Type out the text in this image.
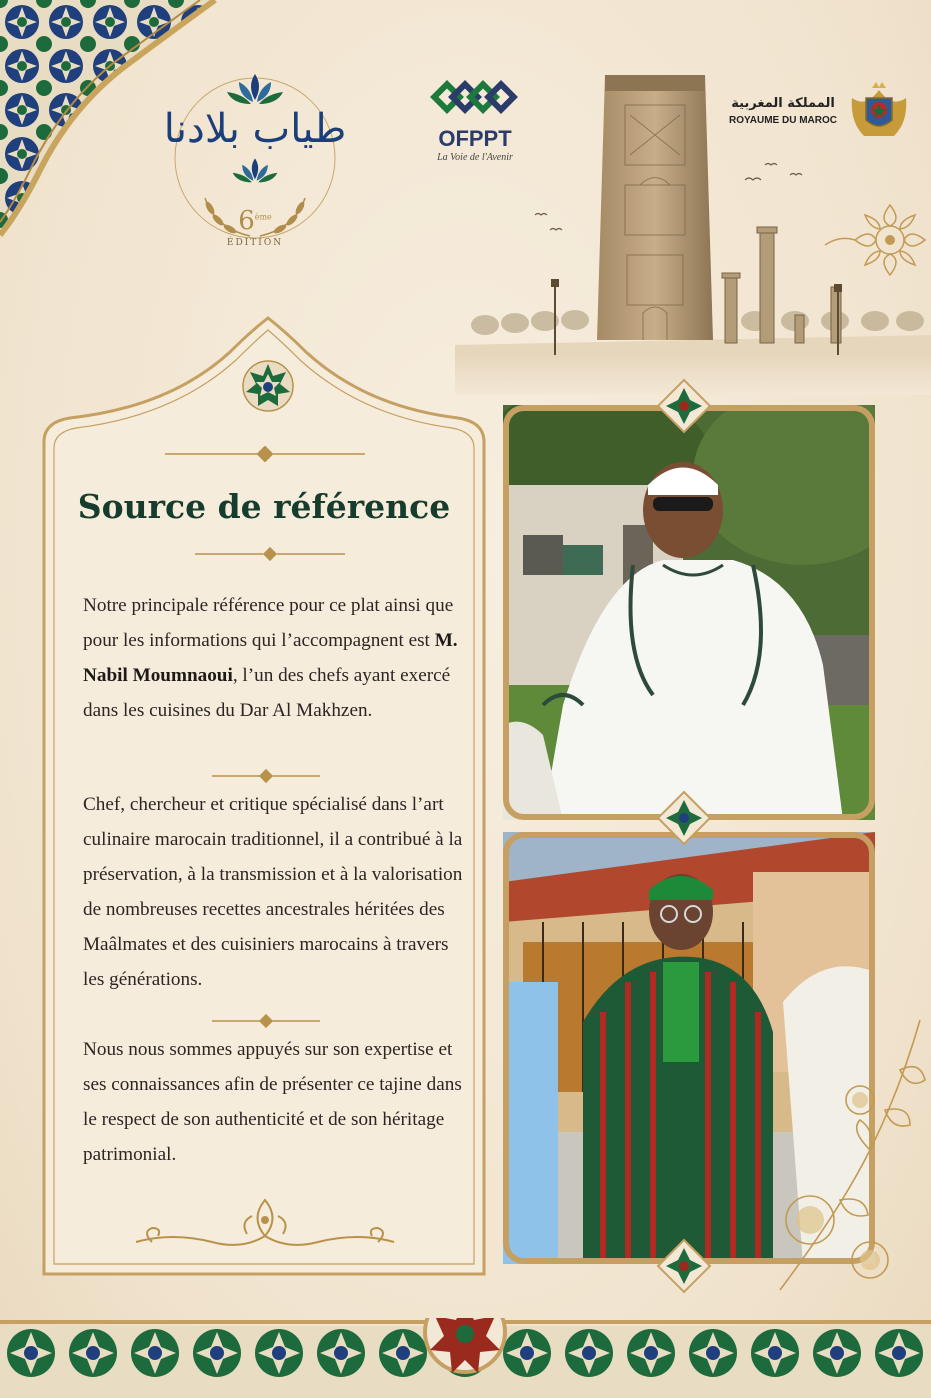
طياب بلادنا
6ème
ÉDITION
OFPPT
La Voie de l'Avenir
المملكة المغربية
ROYAUME DU MAROC
Source de référence
Notre principale référence pour ce plat ainsi que pour les informations qui l’accompagnent est M. Nabil Moumnaoui, l’un des chefs ayant exercé dans les cuisines du Dar Al Makhzen.
Chef, chercheur et critique spécialisé dans l’art culinaire marocain traditionnel, il a contribué à la préservation, à la transmission et à la valorisation de nombreuses recettes ancestrales héritées des Maâlmates et des cuisiniers marocains à travers les générations.
Nous nous sommes appuyés sur son expertise et ses connaissances afin de présenter ce tajine dans le respect de son authenticité et de son héritage patrimonial.
